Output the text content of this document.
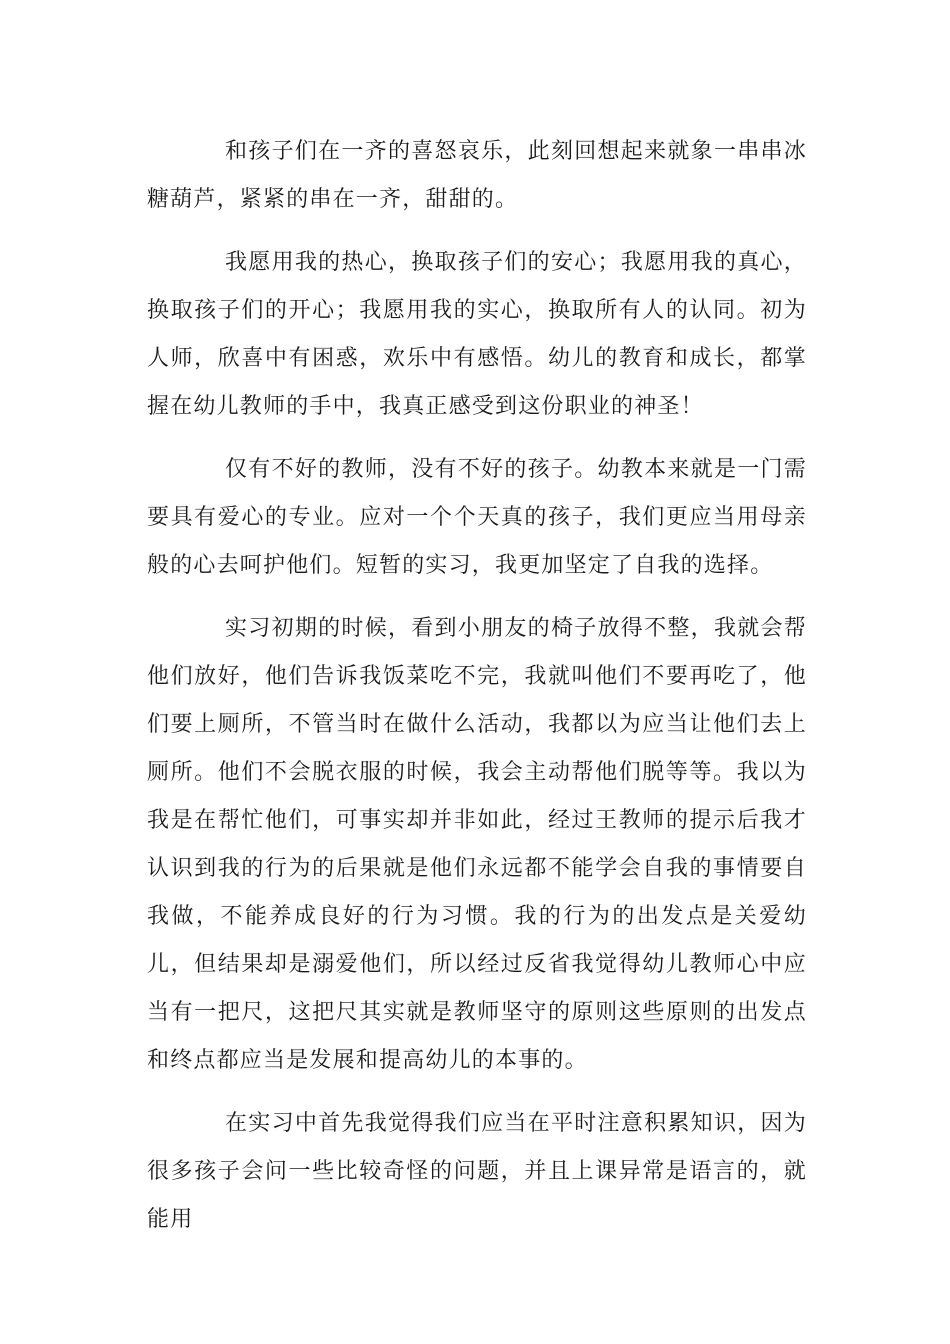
和孩子们在一齐的喜怒哀乐，此刻回想起来就象一串串冰糖葫芦，紧紧的串在一齐，甜甜的。

我愿用我的热心，换取孩子们的安心；我愿用我的真心，换取孩子们的开心；我愿用我的实心，换取所有人的认同。初为人师，欣喜中有困惑，欢乐中有感悟。幼儿的教育和成长，都掌握在幼儿教师的手中，我真正感受到这份职业的神圣！

仅有不好的教师，没有不好的孩子。幼教本来就是一门需要具有爱心的专业。应对一个个天真的孩子，我们更应当用母亲般的心去呵护他们。短暂的实习，我更加坚定了自我的选择。

实习初期的时候，看到小朋友的椅子放得不整，我就会帮他们放好，他们告诉我饭菜吃不完，我就叫他们不要再吃了，他们要上厕所，不管当时在做什么活动，我都以为应当让他们去上厕所。他们不会脱衣服的时候，我会主动帮他们脱等等。我以为我是在帮忙他们，可事实却并非如此，经过王教师的提示后我才认识到我的行为的后果就是他们永远都不能学会自我的事情要自我做，不能养成良好的行为习惯。我的行为的出发点是关爱幼儿，但结果却是溺爱他们，所以经过反省我觉得幼儿教师心中应当有一把尺，这把尺其实就是教师坚守的原则这些原则的出发点和终点都应当是发展和提高幼儿的本事的。

在实习中首先我觉得我们应当在平时注意积累知识，因为很多孩子会问一些比较奇怪的问题，并且上课异常是语言的，就能用
